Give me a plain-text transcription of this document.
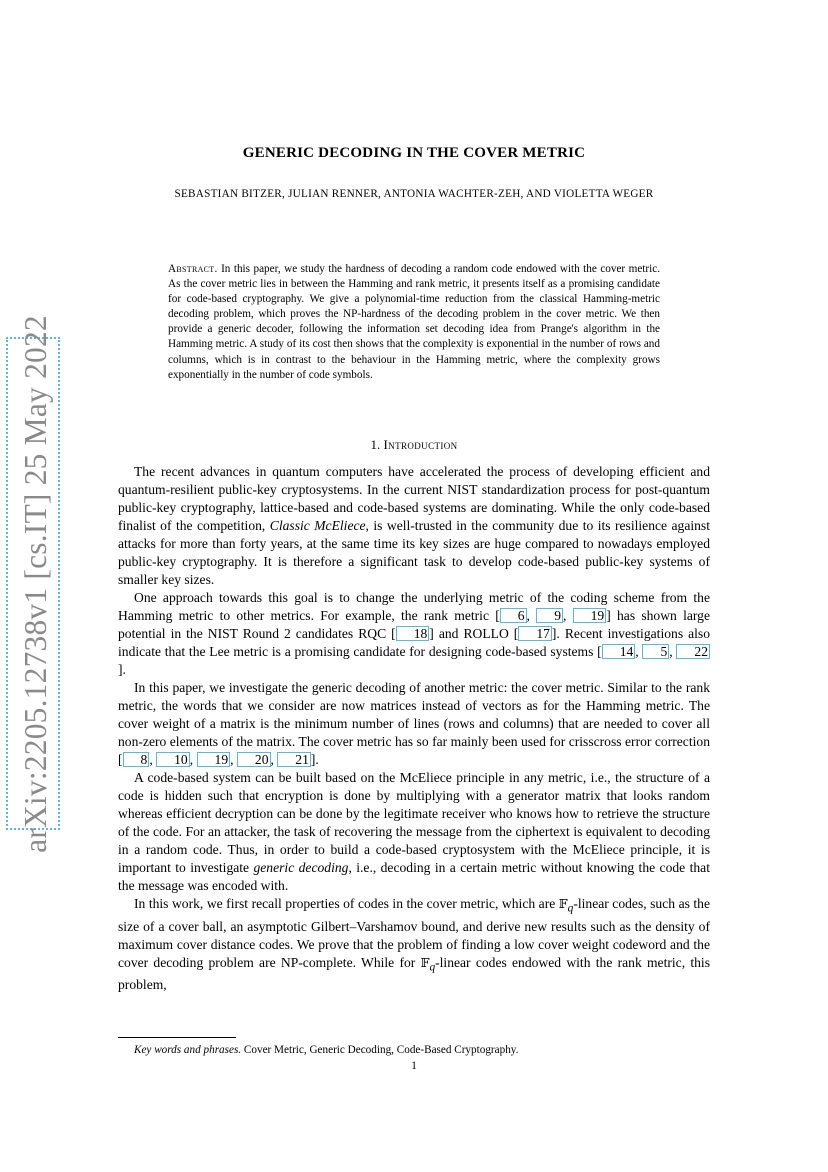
arXiv:2205.12738v1 [cs.IT] 25 May 2022
GENERIC DECODING IN THE COVER METRIC
SEBASTIAN BITZER, JULIAN RENNER, ANTONIA WACHTER-ZEH, AND VIOLETTA WEGER
Abstract. In this paper, we study the hardness of decoding a random code endowed with the cover metric. As the cover metric lies in between the Hamming and rank metric, it presents itself as a promising candidate for code-based cryptography. We give a polynomial-time reduction from the classical Hamming-metric decoding problem, which proves the NP-hardness of the decoding problem in the cover metric. We then provide a generic decoder, following the information set decoding idea from Prange's algorithm in the Hamming metric. A study of its cost then shows that the complexity is exponential in the number of rows and columns, which is in contrast to the behaviour in the Hamming metric, where the complexity grows exponentially in the number of code symbols.
1. Introduction

The recent advances in quantum computers have accelerated the process of developing efficient and quantum-resilient public-key cryptosystems. In the current NIST standardization process for post-quantum public-key cryptography, lattice-based and code-based systems are dominating. While the only code-based finalist of the competition, Classic McEliece, is well-trusted in the community due to its resilience against attacks for more than forty years, at the same time its key sizes are huge compared to nowadays employed public-key cryptography. It is therefore a significant task to develop code-based public-key systems of smaller key sizes.

One approach towards this goal is to change the underlying metric of the coding scheme from the Hamming metric to other metrics. For example, the rank metric [ 6 , 9 , 19 ] has shown large potential in the NIST Round 2 candidates RQC [ 18 ] and ROLLO [ 17 ]. Recent investigations also indicate that the Lee metric is a promising candidate for designing code-based systems [ 14 , 5 , 22].

In this paper, we investigate the generic decoding of another metric: the cover metric. Similar to the rank metric, the words that we consider are now matrices instead of vectors as for the Hamming metric. The cover weight of a matrix is the minimum number of lines (rows and columns) that are needed to cover all non-zero elements of the matrix. The cover metric has so far mainly been used for crisscross error correction [ 8 , 10 , 19 , 20 , 21 ].

A code-based system can be built based on the McEliece principle in any metric, i.e., the structure of a code is hidden such that encryption is done by multiplying with a generator matrix that looks random whereas efficient decryption can be done by the legitimate receiver who knows how to retrieve the structure of the code. For an attacker, the task of recovering the message from the ciphertext is equivalent to decoding in a random code. Thus, in order to build a code-based cryptosystem with the McEliece principle, it is important to investigate generic decoding, i.e., decoding in a certain metric without knowing the code that the message was encoded with.

In this work, we first recall properties of codes in the cover metric, which are 𝔽$_q$-linear codes, such as the size of a cover ball, an asymptotic Gilbert–Varshamov bound, and derive new results such as the density of maximum cover distance codes. We prove that the problem of finding a low cover weight codeword and the cover decoding problem are NP-complete. While for 𝔽$_q$-linear codes endowed with the rank metric, this problem,

Key words and phrases. Cover Metric, Generic Decoding, Code-Based Cryptography.
1
